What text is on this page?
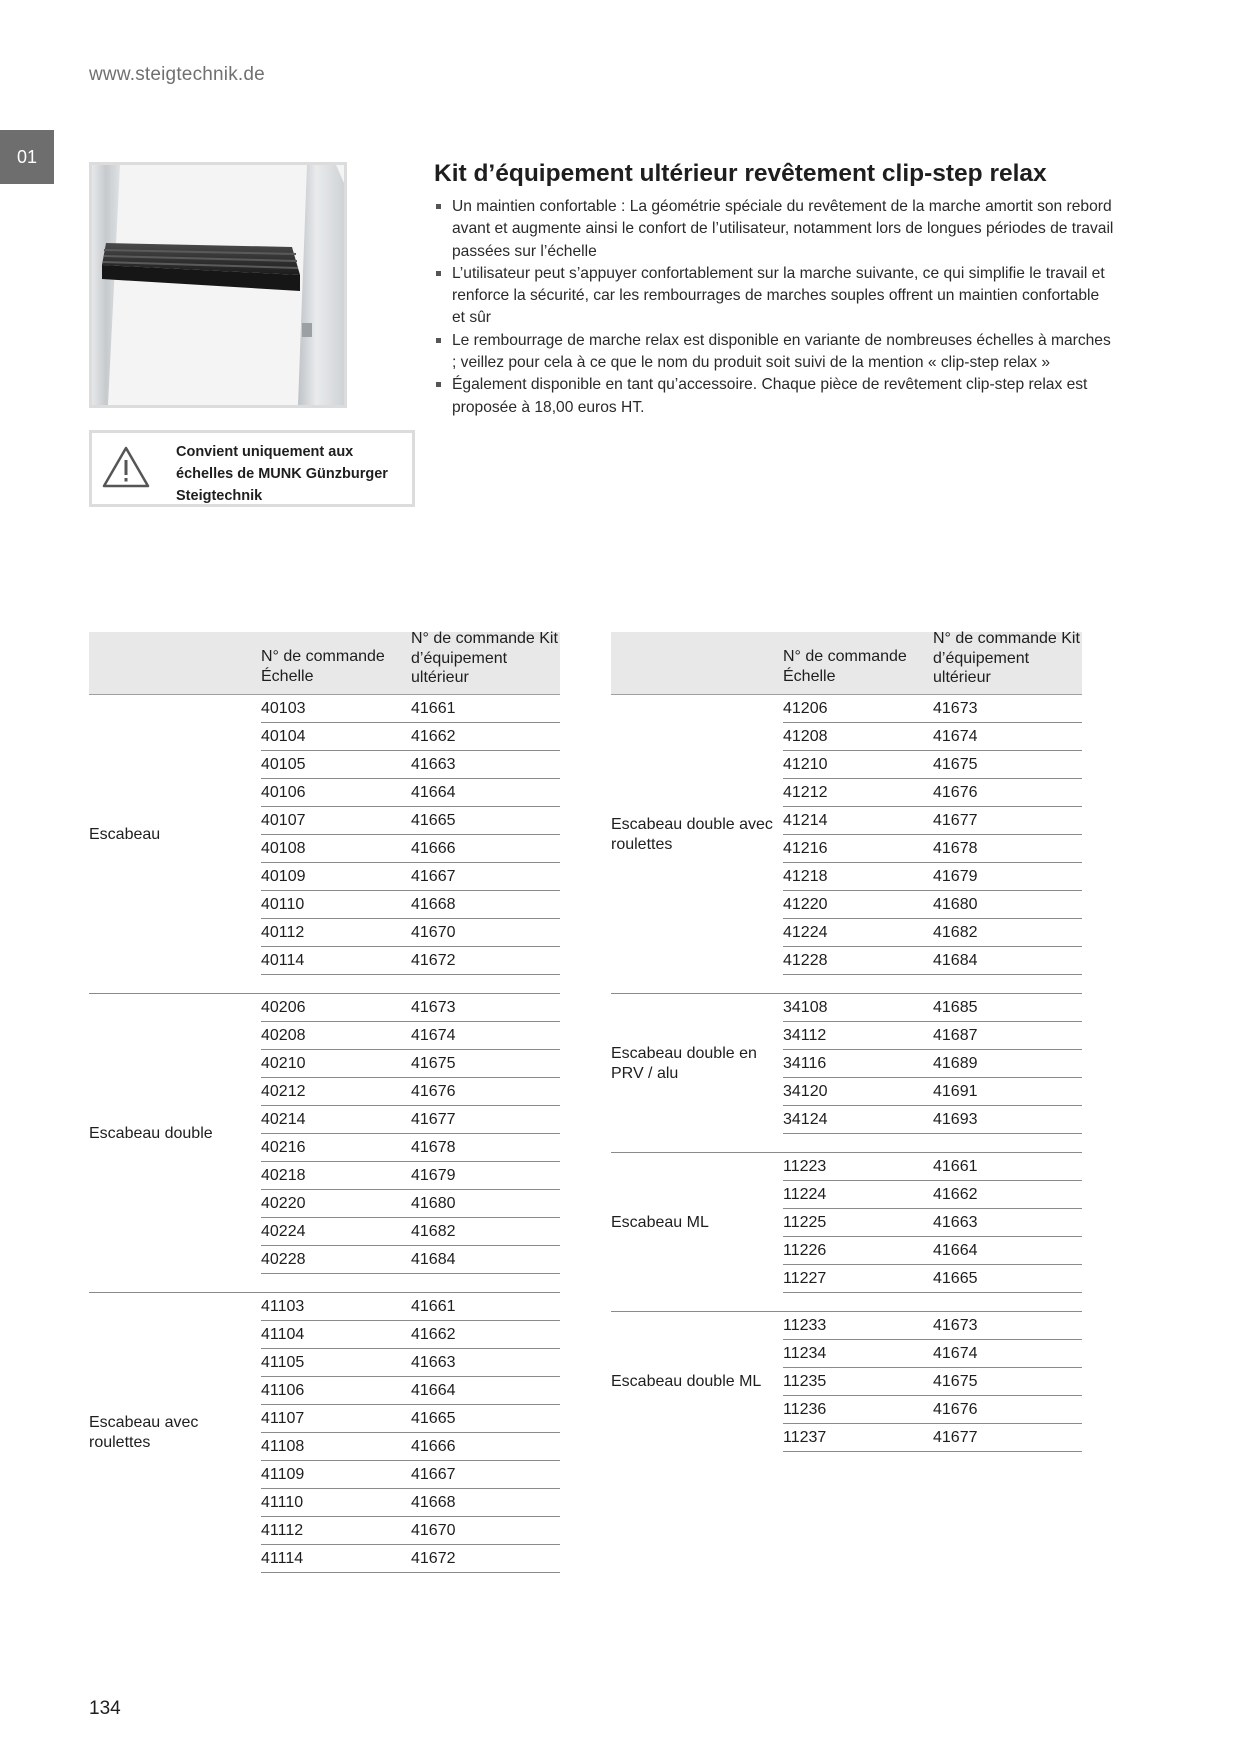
www.steigtechnik.de
01
Convient uniquement aux échelles de MUNK Günzburger Steigtechnik
Kit d’équipement ultérieur revêtement clip-step relax
Un maintien confortable : La géométrie spéciale du revêtement de la marche amortit son rebord avant et augmente ainsi le confort de l’utilisateur, notamment lors de longues périodes de travail passées sur l’échelle
L’utilisateur peut s’appuyer confortablement sur la marche suivante, ce qui simplifie le travail et renforce la sécurité, car les rembourrages de marches souples offrent un maintien confortable et sûr
Le rembourrage de marche relax est disponible en variante de nombreuses échelles à marches ; veillez pour cela à ce que le nom du produit soit suivi de la mention « clip-step relax »
Également disponible en tant qu’accessoire. Chaque pièce de revêtement clip-step relax est proposée à 18,00 euros HT.
N° de commande Échelle
N° de commande Kit d’équipement ultérieur
Escabeau
40103	41661
40104	41662
40105	41663
40106	41664
40107	41665
40108	41666
40109	41667
40110	41668
40112	41670
40114	41672
Escabeau double
40206	41673
40208	41674
40210	41675
40212	41676
40214	41677
40216	41678
40218	41679
40220	41680
40224	41682
40228	41684
Escabeau avec roulettes
41103	41661
41104	41662
41105	41663
41106	41664
41107	41665
41108	41666
41109	41667
41110	41668
41112	41670
41114	41672
N° de commande Échelle
N° de commande Kit d’équipement ultérieur
Escabeau double avec roulettes
41206	41673
41208	41674
41210	41675
41212	41676
41214	41677
41216	41678
41218	41679
41220	41680
41224	41682
41228	41684
Escabeau double en PRV / alu
34108	41685
34112	41687
34116	41689
34120	41691
34124	41693
Escabeau ML
11223	41661
11224	41662
11225	41663
11226	41664
11227	41665
Escabeau double ML
11233	41673
11234	41674
11235	41675
11236	41676
11237	41677
134
